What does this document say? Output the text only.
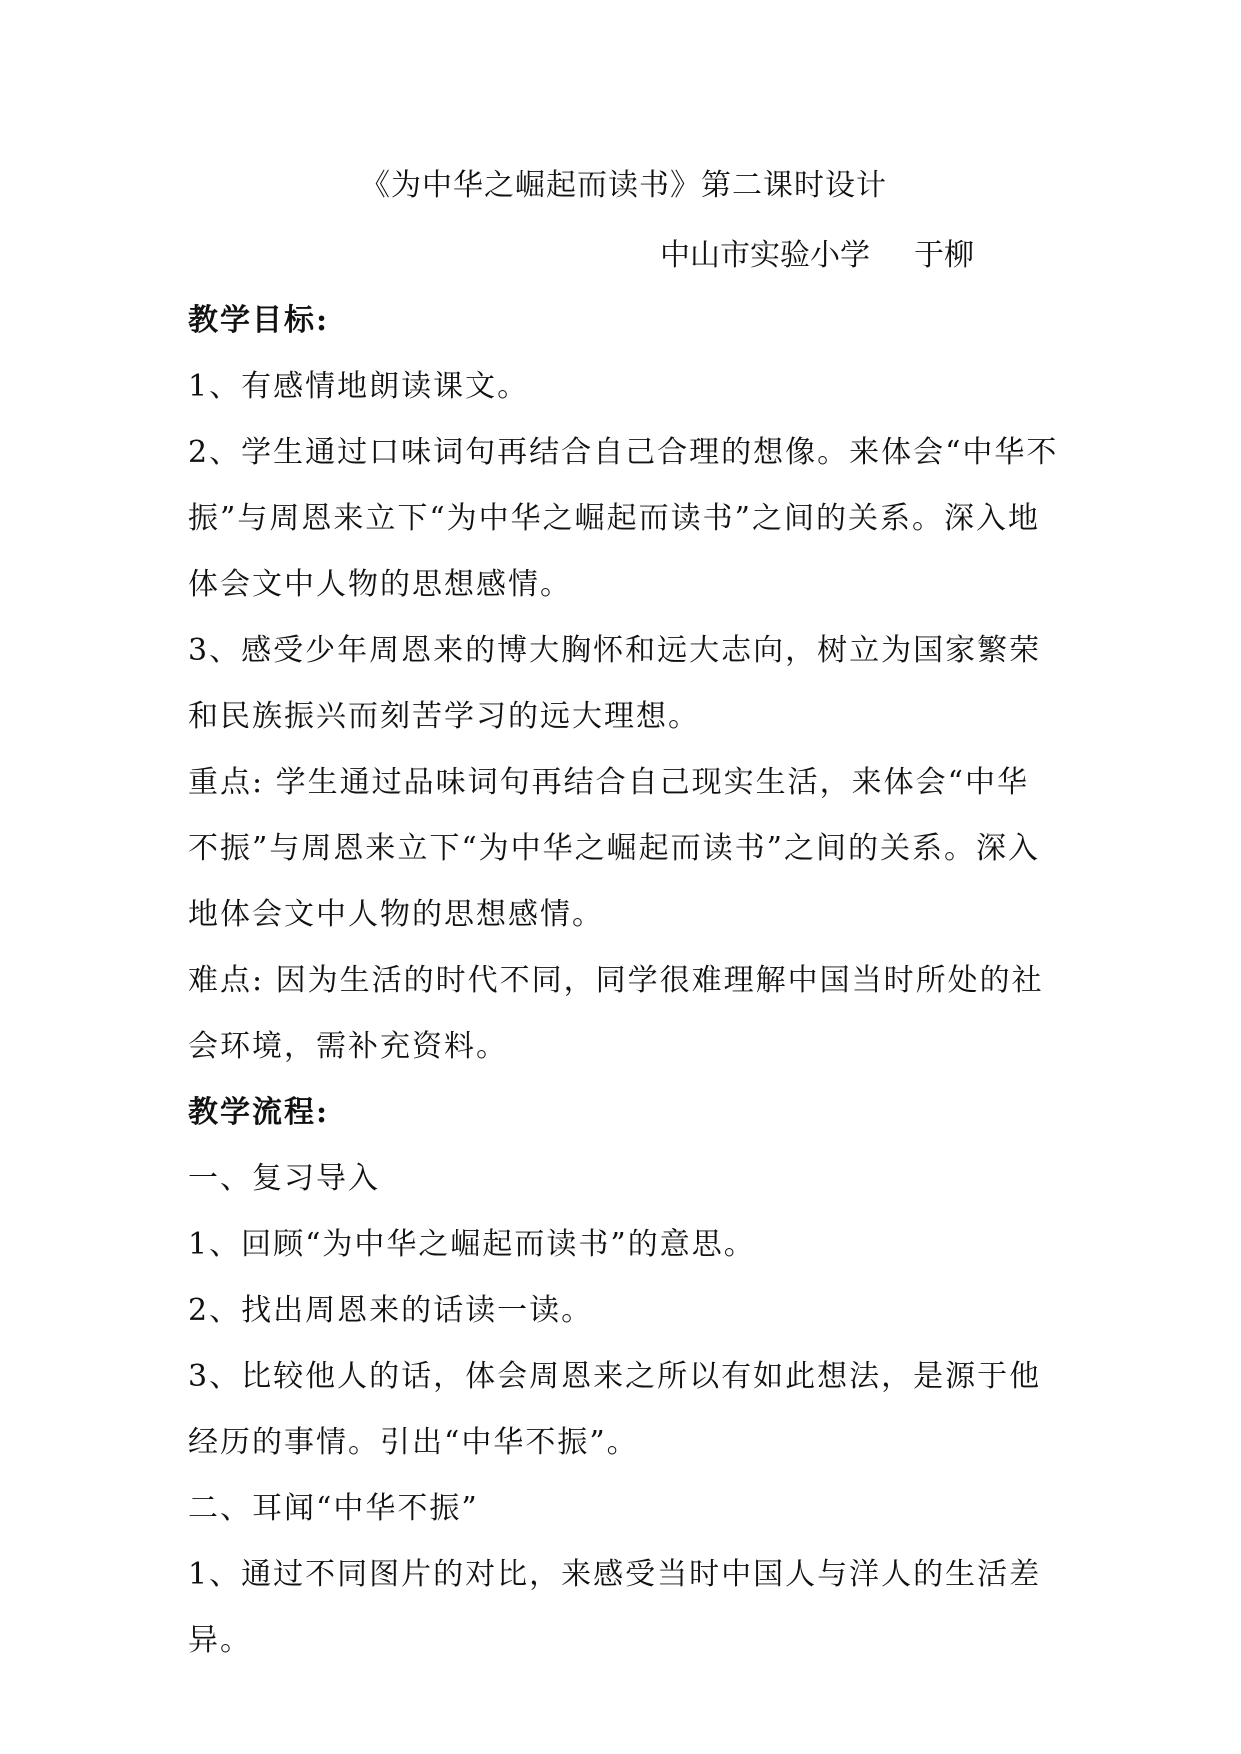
《为中华之崛起而读书》第二课时设计
中山市实验小学 于柳

教学目标:

1、有感情地朗读课文。

2、学生通过口味词句再结合自己合理的想像。来体会“中华不振”与周恩来立下“为中华之崛起而读书”之间的关系。深入地体会文中人物的思想感情。

3、感受少年周恩来的博大胸怀和远大志向，树立为国家繁荣和民族振兴而刻苦学习的远大理想。

重点: 学生通过品味词句再结合自己现实生活，来体会“中华不振”与周恩来立下“为中华之崛起而读书”之间的关系。深入地体会文中人物的思想感情。

难点: 因为生活的时代不同，同学很难理解中国当时所处的社会环境，需补充资料。

教学流程:

一、复习导入

1、回顾“为中华之崛起而读书”的意思。

2、找出周恩来的话读一读。

3、比较他人的话，体会周恩来之所以有如此想法，是源于他经历的事情。引出“中华不振”。

二、耳闻“中华不振”

1、通过不同图片的对比，来感受当时中国人与洋人的生活差异。
